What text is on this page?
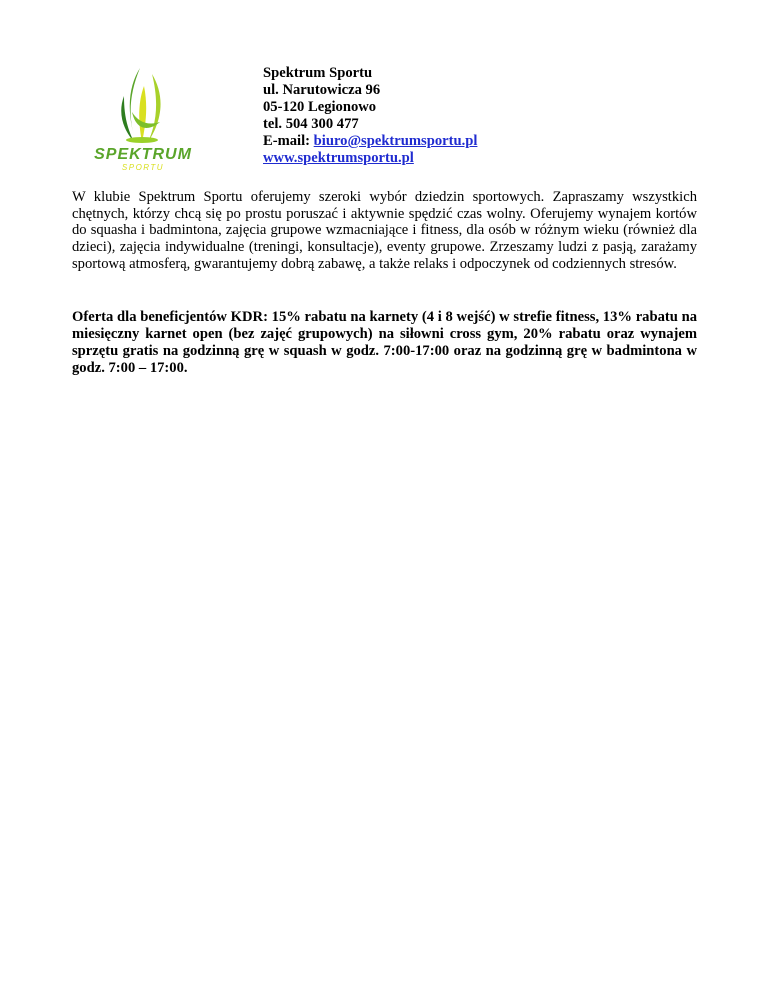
SPEKTRUM
SPORTU
Spektrum Sportu
ul. Narutowicza 96
05-120 Legionowo
tel. 504 300 477
E-mail: biuro@spektrumsportu.pl
www.spektrumsportu.pl

W klubie Spektrum Sportu oferujemy szeroki wybór dziedzin sportowych. Zapraszamy wszystkich chętnych, którzy chcą się po prostu poruszać i aktywnie spędzić czas wolny. Oferujemy wynajem kortów do squasha i badmintona, zajęcia grupowe wzmacniające i fitness, dla osób w różnym wieku (również dla dzieci), zajęcia indywidualne (treningi, konsultacje), eventy grupowe. Zrzeszamy ludzi z pasją, zarażamy sportową atmosferą, gwarantujemy dobrą zabawę, a także relaks i odpoczynek od codziennych stresów.

Oferta dla beneficjentów KDR: 15% rabatu na karnety (4 i 8 wejść) w strefie fitness, 13% rabatu na miesięczny karnet open (bez zajęć grupowych) na siłowni cross gym, 20% rabatu oraz wynajem sprzętu gratis na godzinną grę w squash w godz. 7:00-17:00 oraz na godzinną grę w badmintona w godz. 7:00 – 17:00.
